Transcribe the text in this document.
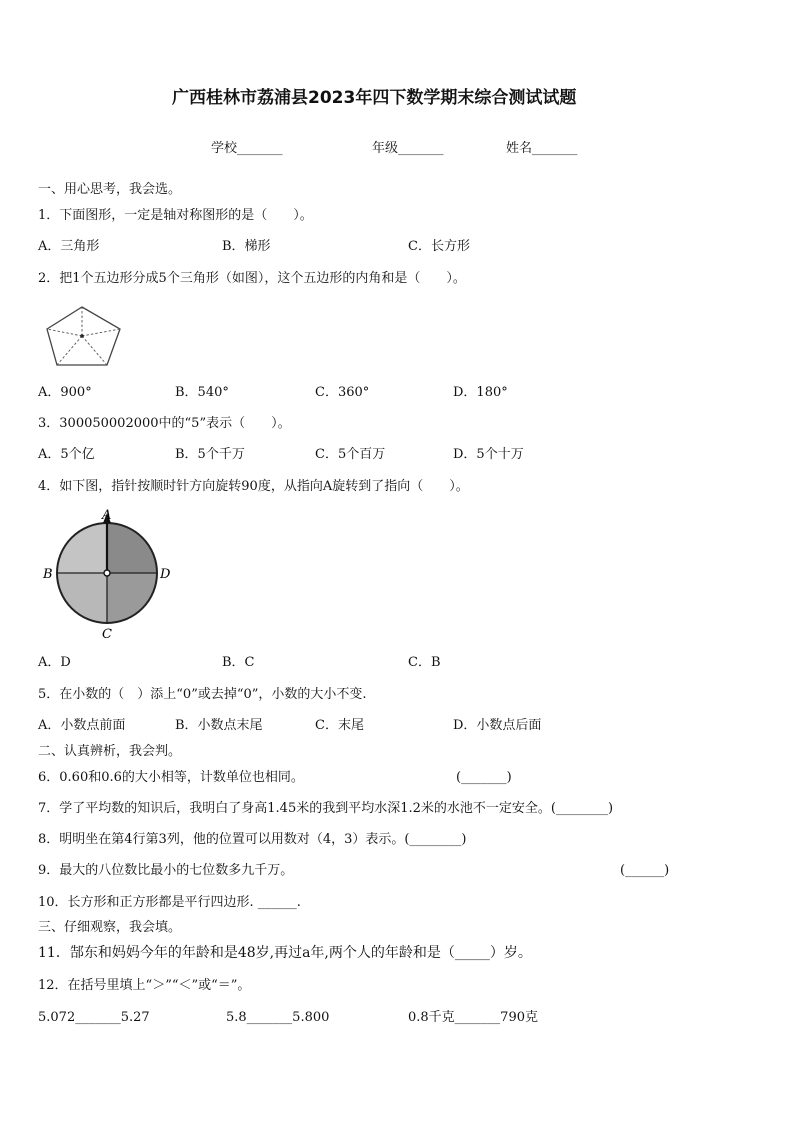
广西桂林市荔浦县2023年四下数学期末综合测试试题
学校_______	年级_______	姓名_______
一、用心思考，我会选。
1．下面图形，一定是轴对称图形的是（　　）。
A．三角形	B．梯形	C．长方形
2．把1个五边形分成5个三角形（如图），这个五边形的内角和是（　　）。
A．900°	B．540°	C．360°	D．180°
3．300050002000中的“5”表示（　　）。
A．5个亿	B．5个千万	C．5个百万	D．5个十万
4．如下图，指针按顺时针方向旋转90度，从指向A旋转到了指向（　　）。
A
B	D
C
A．D	B．C	C．B
5．在小数的（　）添上“0”或去掉“0”，小数的大小不变.
A．小数点前面	B．小数点末尾	C．末尾	D．小数点后面
二、认真辨析，我会判。
6．0.60和0.6的大小相等，计数单位也相同。	(_______)
7．学了平均数的知识后，我明白了身高1.45米的我到平均水深1.2米的水池不一定安全。(________)
8．明明坐在第4行第3列，他的位置可以用数对（4，3）表示。(________)
9．最大的八位数比最小的七位数多九千万。	(______)
10．长方形和正方形都是平行四边形. ______.
三、仔细观察，我会填。
11．郜东和妈妈今年的年龄和是48岁,再过a年,两个人的年龄和是（_____）岁。
12．在括号里填上“＞”“＜”或“＝”。
5.072_______5.27	5.8_______5.800	0.8千克_______790克
